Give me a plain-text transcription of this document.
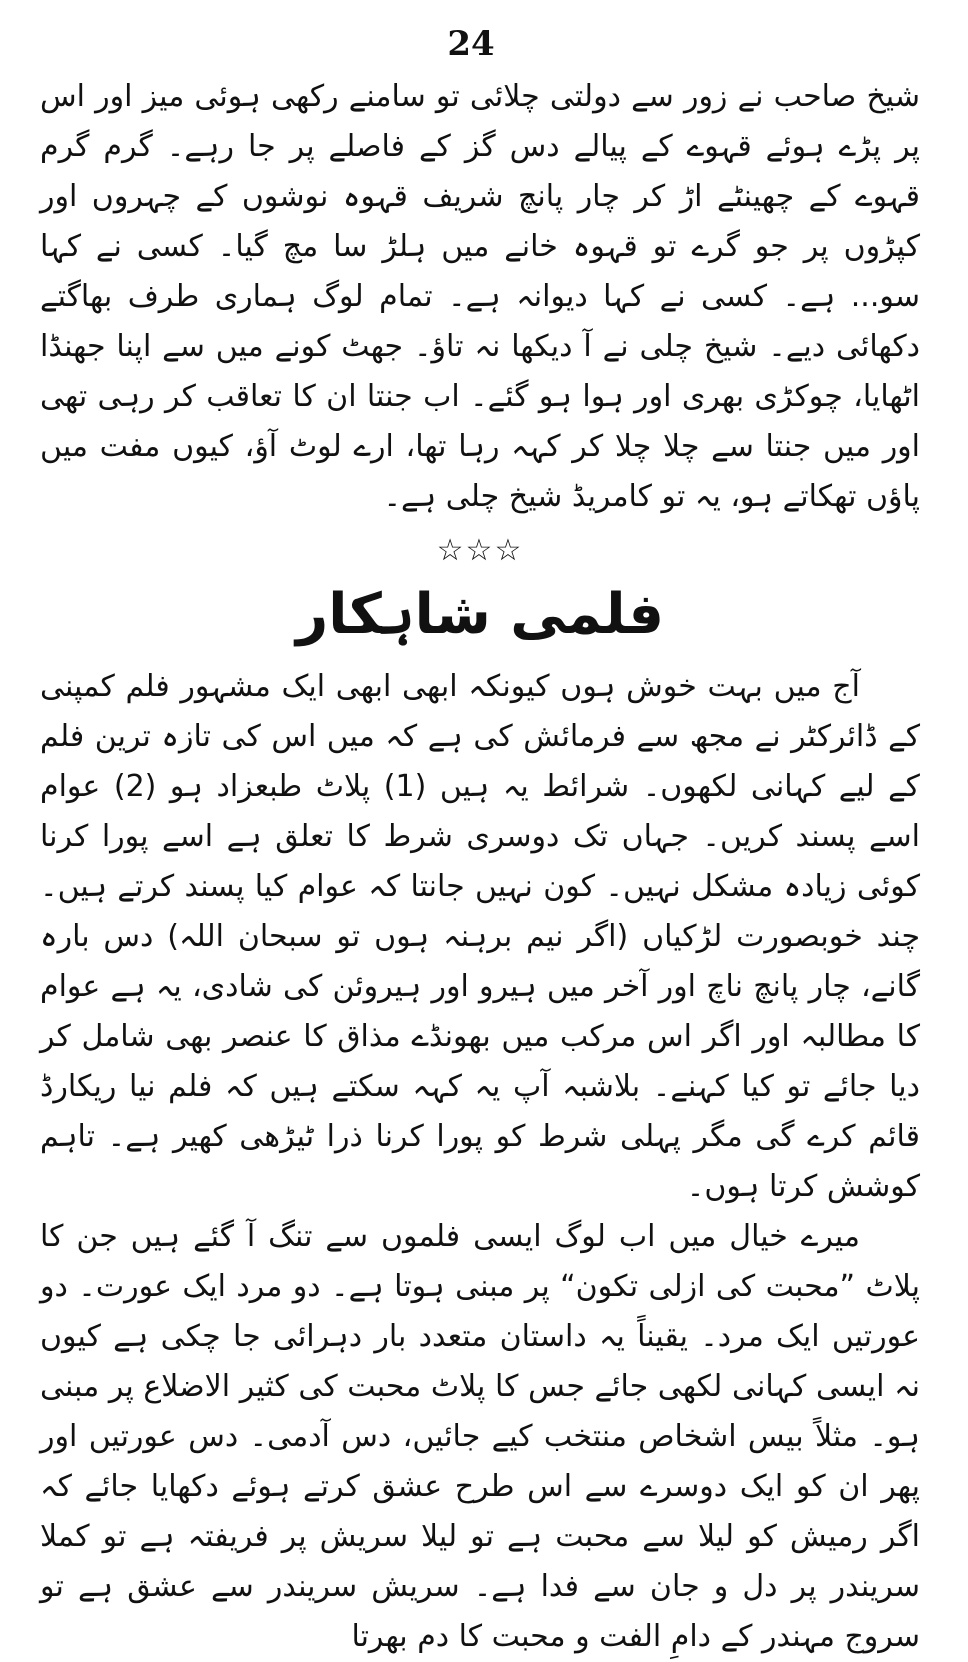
24

شیخ صاحب نے زور سے دولتی چلائی تو سامنے رکھی ہوئی میز اور اس پر پڑے ہوئے قہوے کے پیالے دس گز کے فاصلے پر جا رہے۔ گرم گرم قہوے کے چھینٹے اڑ کر چار پانچ شریف قہوہ نوشوں کے چہروں اور کپڑوں پر جو گرے تو قہوہ خانے میں ہلڑ سا مچ گیا۔ کسی نے کہا سو... ہے۔ کسی نے کہا دیوانہ ہے۔ تمام لوگ ہماری طرف بھاگتے دکھائی دیے۔ شیخ چلی نے آ دیکھا نہ تاؤ۔ جھٹ کونے میں سے اپنا جھنڈا اٹھایا، چوکڑی بھری اور ہوا ہو گئے۔ اب جنتا ان کا تعاقب کر رہی تھی اور میں جنتا سے چلا چلا کر کہہ رہا تھا، ارے لوٹ آؤ، کیوں مفت میں پاؤں تھکاتے ہو، یہ تو کامریڈ شیخ چلی ہے۔

☆☆☆
فلمی شاہکار

آج میں بہت خوش ہوں کیونکہ ابھی ابھی ایک مشہور فلم کمپنی کے ڈائرکٹر نے مجھ سے فرمائش کی ہے کہ میں اس کی تازہ ترین فلم کے لیے کہانی لکھوں۔ شرائط یہ ہیں (1) پلاٹ طبعزاد ہو (2) عوام اسے پسند کریں۔ جہاں تک دوسری شرط کا تعلق ہے اسے پورا کرنا کوئی زیادہ مشکل نہیں۔ کون نہیں جانتا کہ عوام کیا پسند کرتے ہیں۔ چند خوبصورت لڑکیاں (اگر نیم برہنہ ہوں تو سبحان اللہ) دس بارہ گانے، چار پانچ ناچ اور آخر میں ہیرو اور ہیروئن کی شادی، یہ ہے عوام کا مطالبہ اور اگر اس مرکب میں بھونڈے مذاق کا عنصر بھی شامل کر دیا جائے تو کیا کہنے۔ بلاشبہ آپ یہ کہہ سکتے ہیں کہ فلم نیا ریکارڈ قائم کرے گی مگر پہلی شرط کو پورا کرنا ذرا ٹیڑھی کھیر ہے۔ تاہم کوشش کرتا ہوں۔

میرے خیال میں اب لوگ ایسی فلموں سے تنگ آ گئے ہیں جن کا پلاٹ ”محبت کی ازلی تکون“ پر مبنی ہوتا ہے۔ دو مرد ایک عورت۔ دو عورتیں ایک مرد۔ یقیناً یہ داستان متعدد بار دہرائی جا چکی ہے کیوں نہ ایسی کہانی لکھی جائے جس کا پلاٹ محبت کی کثیر الاضلاع پر مبنی ہو۔ مثلاً بیس اشخاص منتخب کیے جائیں، دس آدمی۔ دس عورتیں اور پھر ان کو ایک دوسرے سے اس طرح عشق کرتے ہوئے دکھایا جائے کہ اگر رمیش کو لیلا سے محبت ہے تو لیلا سریش پر فریفتہ ہے تو کملا سریندر پر دل و جان سے فدا ہے۔ سریش سریندر سے عشق ہے تو سروج مہندر کے دامِ الفت و محبت کا دم بھرتا
